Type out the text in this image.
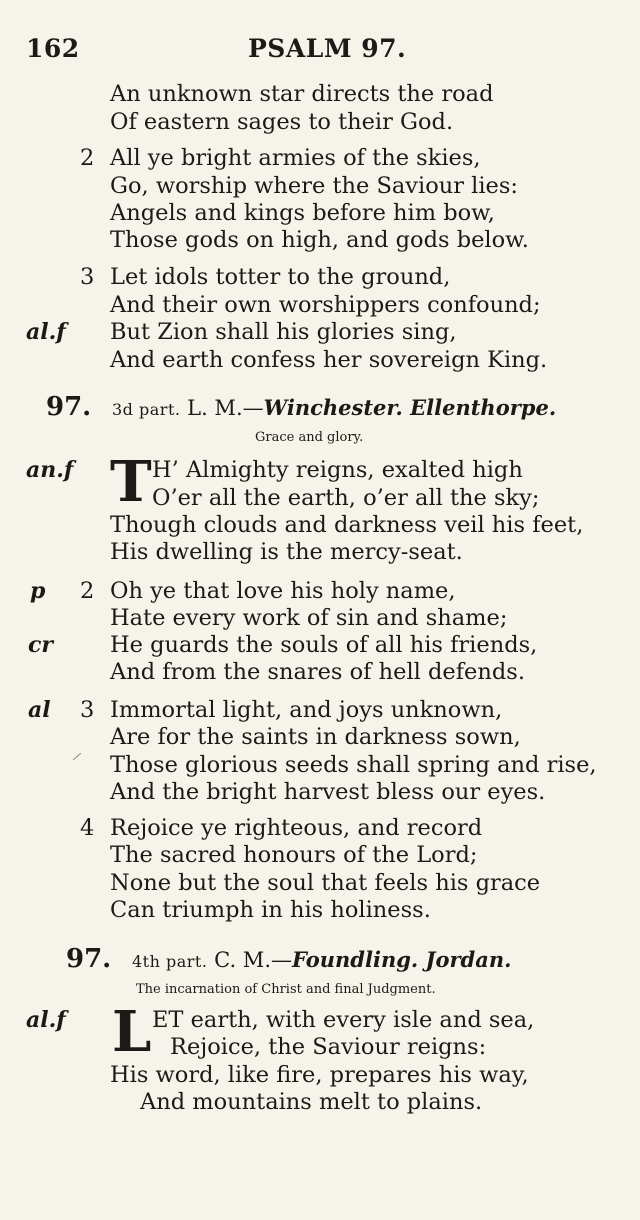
162	PSALM 97.
An unknown star directs the road
Of eastern sages to their God.
2 All ye bright armies of the skies,
Go, worship where the Saviour lies:
Angels and kings before him bow,
Those gods on high, and gods below.
3 Let idols totter to the ground,
And their own worshippers confound;
al.f But Zion shall his glories sing,
And earth confess her sovereign King.
97. 3d part. L. M.—Winchester. Ellenthorpe.
Grace and glory.
an.f T H’ Almighty reigns, exalted high
O’er all the earth, o’er all the sky;
Though clouds and darkness veil his feet,
His dwelling is the mercy-seat.
p 2 Oh ye that love his holy name,
Hate every work of sin and shame;
cr	He guards the souls of all his friends,
And from the snares of hell defends.
al 3 Immortal light, and joys unknown,
Are for the saints in darkness sown,
Those glorious seeds shall spring and rise,
And the bright harvest bless our eyes.
4 Rejoice ye righteous, and record
The sacred honours of the Lord;
None but the soul that feels his grace
Can triumph in his holiness.
97. 4th part. C. M.—Foundling. Jordan.
The incarnation of Christ and final Judgment.
al.f L ET earth, with every isle and sea,
Rejoice, the Saviour reigns:
His word, like fire, prepares his way,
And mountains melt to plains.
